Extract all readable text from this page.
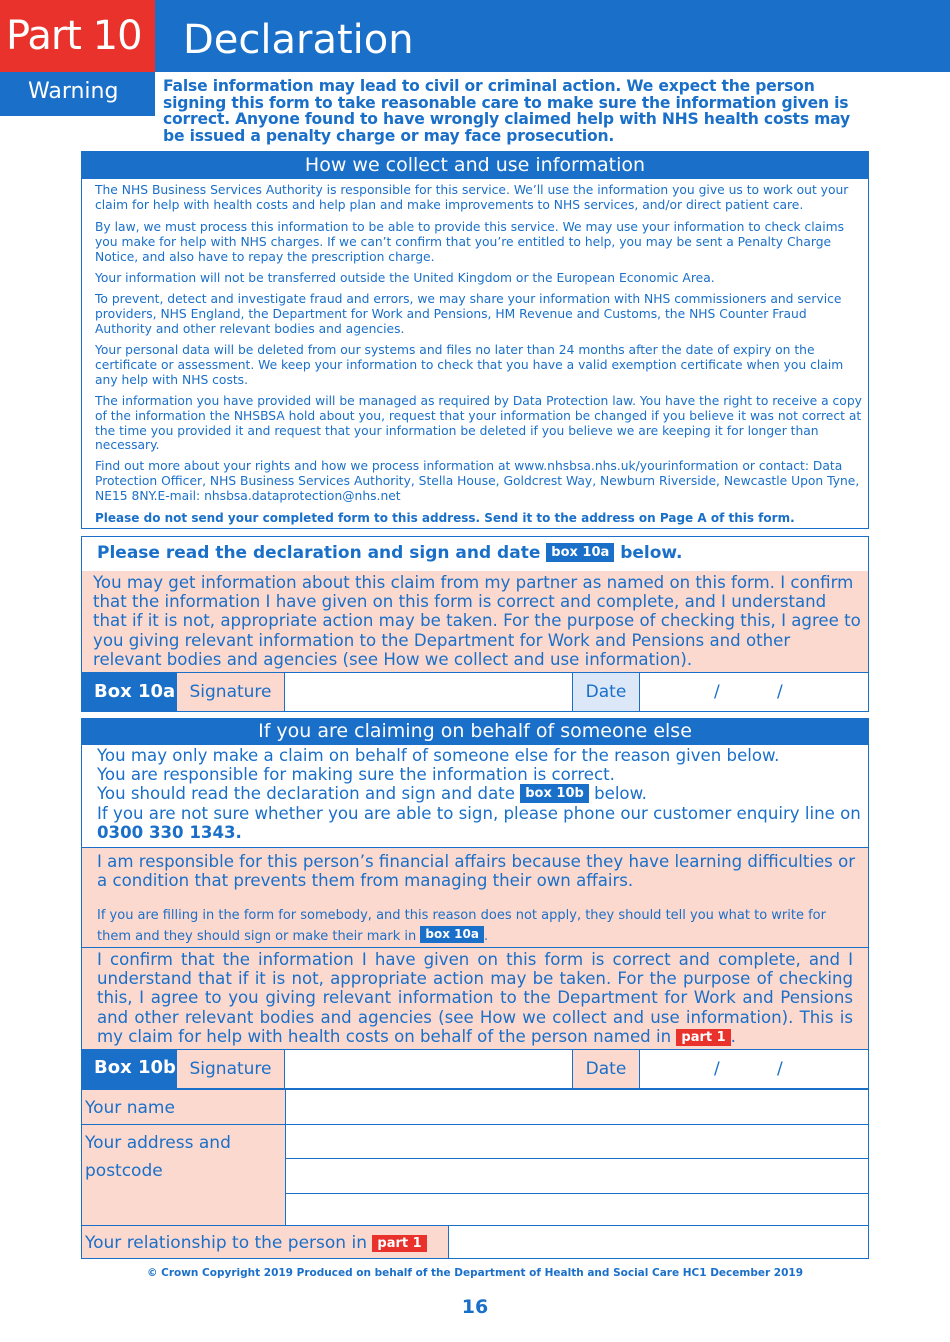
Part 10	Declaration
Warning	False information may lead to civil or criminal action. We expect the person signing this form to take reasonable care to make sure the information given is correct. Anyone found to have wrongly claimed help with NHS health costs may be issued a penalty charge or may face prosecution.
How we collect and use information

The NHS Business Services Authority is responsible for this service. We’ll use the information you give us to work out your claim for help with health costs and help plan and make improvements to NHS services, and/or direct patient care.

By law, we must process this information to be able to provide this service. We may use your information to check claims you make for help with NHS charges. If we can’t confirm that you’re entitled to help, you may be sent a Penalty Charge Notice, and also have to repay the prescription charge.

Your information will not be transferred outside the United Kingdom or the European Economic Area.

To prevent, detect and investigate fraud and errors, we may share your information with NHS commissioners and service providers, NHS England, the Department for Work and Pensions, HM Revenue and Customs, the NHS Counter Fraud Authority and other relevant bodies and agencies.

Your personal data will be deleted from our systems and files no later than 24 months after the date of expiry on the certificate or assessment. We keep your information to check that you have a valid exemption certificate when you claim any help with NHS costs.

The information you have provided will be managed as required by Data Protection law. You have the right to receive a copy of the information the NHSBSA hold about you, request that your information be changed if you believe it was not correct at the time you provided it and request that your information be deleted if you believe we are keeping it for longer than necessary.

Find out more about your rights and how we process information at www.nhsbsa.nhs.uk/yourinformation or contact: Data Protection Officer, NHS Business Services Authority, Stella House, Goldcrest Way, Newburn Riverside, Newcastle Upon Tyne, NE15 8NY.E-mail: nhsbsa.dataprotection@nhs.net

Please do not send your completed form to this address. Send it to the address on Page A of this form.

Please read the declaration and sign and date box 10a below.
You may get information about this claim from my partner as named on this form. I confirm that the information I have given on this form is correct and complete, and I understand that if it is not, appropriate action may be taken. For the purpose of checking this, I agree to you giving relevant information to the Department for Work and Pensions and other relevant bodies and agencies (see How we collect and use information).
Box 10a Signature	Date	/	/
If you are claiming on behalf of someone else
You may only make a claim on behalf of someone else for the reason given below.
You are responsible for making sure the information is correct.
You should read the declaration and sign and date box 10b below.
If you are not sure whether you are able to sign, please phone our customer enquiry line on 0300 330 1343.
I am responsible for this person’s financial affairs because they have learning difficulties or a condition that prevents them from managing their own affairs.
If you are filling in the form for somebody, and this reason does not apply, they should tell you what to write for them and they should sign or make their mark in box 10a .
I confirm that the information I have given on this form is correct and complete, and I understand that if it is not, appropriate action may be taken. For the purpose of checking this, I agree to you giving relevant information to the Department for Work and Pensions and other relevant bodies and agencies (see How we collect and use information). This is my claim for help with health costs on behalf of the person named in part 1 .
Box 10b Signature	Date	/	/
Your name
Your address and
postcode
Your relationship to the person in part 1
© Crown Copyright 2019 Produced on behalf of the Department of Health and Social Care HC1 December 2019
16
